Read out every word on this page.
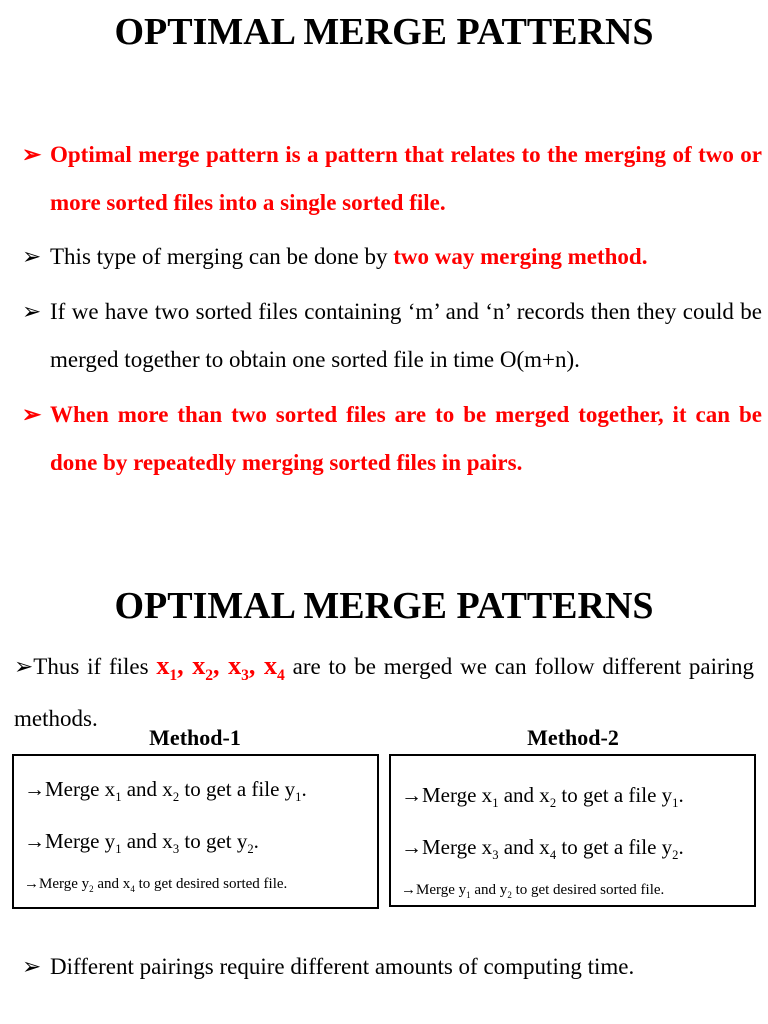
OPTIMAL MERGE PATTERNS
➢ Optimal merge pattern is a pattern that relates to the merging of two or more sorted files into a single sorted file.
➢ This type of merging can be done by two way merging method.
➢ If we have two sorted files containing ‘m’ and ‘n’ records then they could be merged together to obtain one sorted file in time O(m+n).
➢ When more than two sorted files are to be merged together, it can be done by repeatedly merging sorted files in pairs.
OPTIMAL MERGE PATTERNS
➢Thus if files $x_1$, $x_2$, $x_3$, $x_4$ are to be merged we can follow different pairing methods.
Method-1
→Merge $x_1$ and $x_2$ to get a file $y_1$.
→Merge $y_1$ and $x_3$ to get $y_2$.
→Merge $y_2$ and $x_4$ to get desired sorted file.
Method-2
→Merge $x_1$ and $x_2$ to get a file $y_1$.
→Merge $x_3$ and $x_4$ to get a file $y_2$.
→Merge $y_1$ and $y_2$ to get desired sorted file.
➢ Different pairings require different amounts of computing time.
